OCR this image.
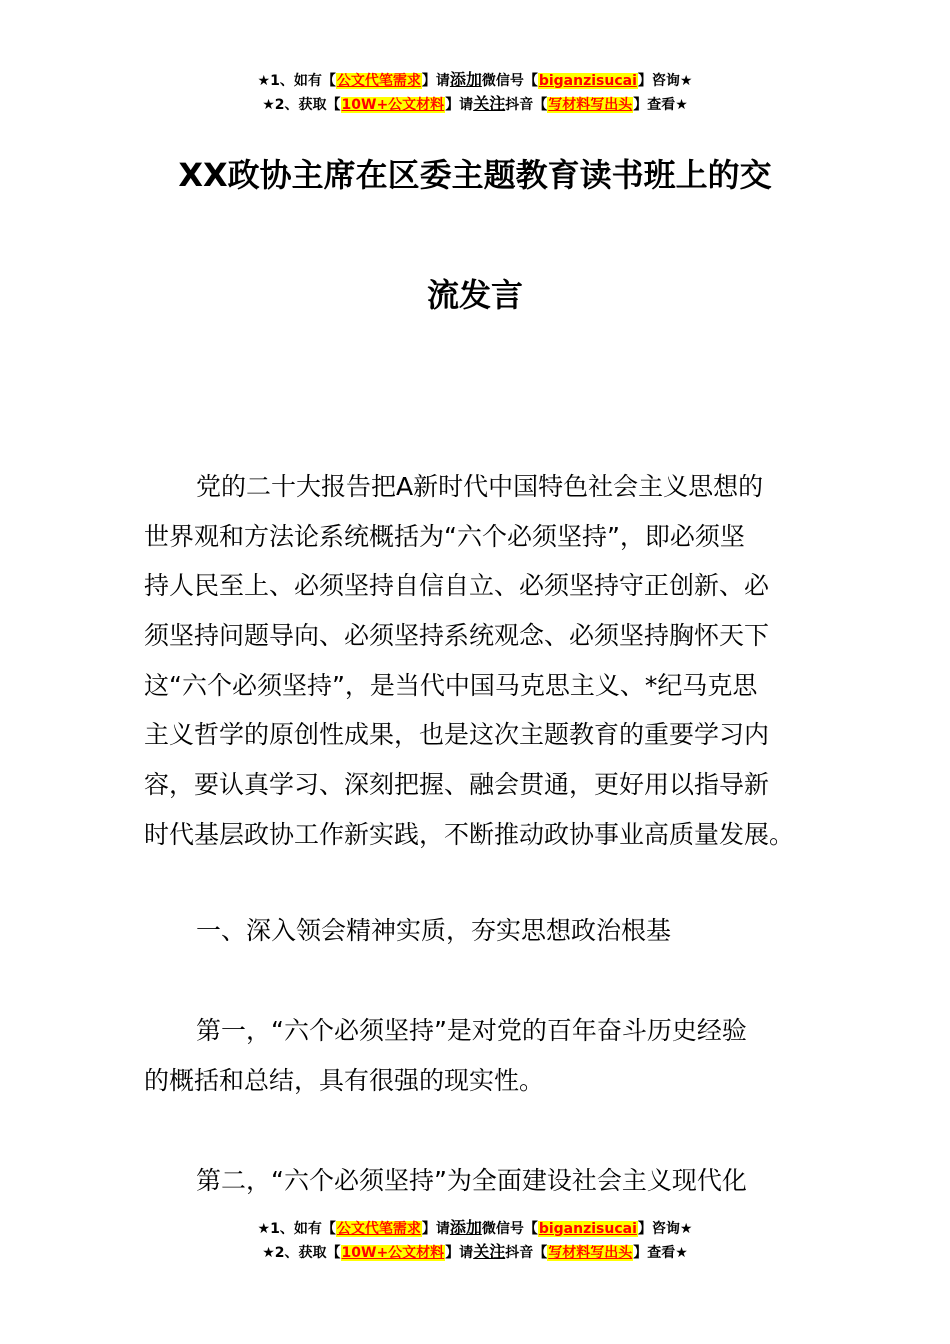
★1、如有【公文代笔需求】请添加微信号【biganzisucai】咨询★
★2、获取【10W+公文材料】请关注抖音【写材料写出头】查看★
XX政协主席在区委主题教育读书班上的交
流发言
党的二十大报告把A新时代中国特色社会主义思想的
世界观和方法论系统概括为“六个必须坚持”，即必须坚
持人民至上、必须坚持自信自立、必须坚持守正创新、必
须坚持问题导向、必须坚持系统观念、必须坚持胸怀天下
这“六个必须坚持”，是当代中国马克思主义、*纪马克思
主义哲学的原创性成果，也是这次主题教育的重要学习内
容，要认真学习、深刻把握、融会贯通，更好用以指导新
时代基层政协工作新实践，不断推动政协事业高质量发展。
一、深入领会精神实质，夯实思想政治根基
第一，“六个必须坚持”是对党的百年奋斗历史经验
的概括和总结，具有很强的现实性。
第二，“六个必须坚持”为全面建设社会主义现代化
★1、如有【公文代笔需求】请添加微信号【biganzisucai】咨询★
★2、获取【10W+公文材料】请关注抖音【写材料写出头】查看★
